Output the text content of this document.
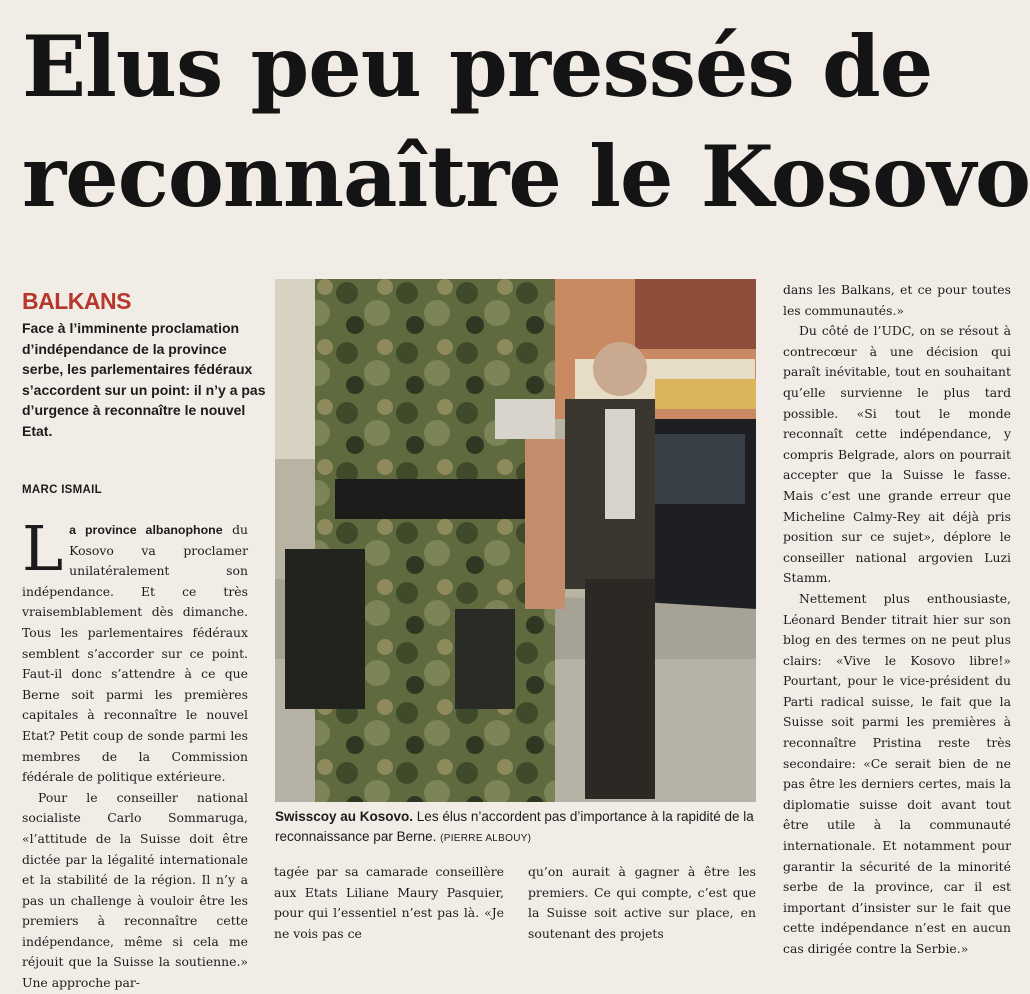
Elus peu pressés de
reconnaître le Kosovo
BALKANS
Face à l’imminente proclamation d’indépendance de la province serbe, les parlementaires fédéraux s’accordent sur un point: il n’y a pas d’urgence à reconnaître le nouvel Etat.
MARC ISMAIL

La province albanophone du Kosovo va proclamer unilatéralement son indépendance. Et ce très vraisemblablement dès dimanche. Tous les parlementaires fédéraux semblent s’accorder sur ce point. Faut-il donc s’attendre à ce que Berne soit parmi les premières capitales à reconnaître le nouvel Etat? Petit coup de sonde parmi les membres de la Commission fédérale de politique extérieure.

Pour le conseiller national socialiste Carlo Sommaruga, «l’attitude de la Suisse doit être dictée par la légalité internationale et la stabilité de la région. Il n’y a pas un challenge à vouloir être les premiers à reconnaître cette indépendance, même si cela me réjouit que la Suisse la soutienne.» Une approche par-

Swisscoy au Kosovo. Les élus n’accordent pas d’importance à la rapidité de la reconnaissance par Berne. (PIERRE ALBOUY)

tagée par sa camarade conseillère aux Etats Liliane Maury Pasquier, pour qui l’essentiel n’est pas là. «Je ne vois pas ce

qu’on aurait à gagner à être les premiers. Ce qui compte, c’est que la Suisse soit active sur place, en soutenant des projets

dans les Balkans, et ce pour toutes les communautés.»

Du côté de l’UDC, on se résout à contrecœur à une décision qui paraît inévitable, tout en souhaitant qu’elle survienne le plus tard possible. «Si tout le monde reconnaît cette indépendance, y compris Belgrade, alors on pourrait accepter que la Suisse le fasse. Mais c’est une grande erreur que Micheline Calmy-Rey ait déjà pris position sur ce sujet», déplore le conseiller national argovien Luzi Stamm.

Nettement plus enthousiaste, Léonard Bender titrait hier sur son blog en des termes on ne peut plus clairs: «Vive le Kosovo libre!» Pourtant, pour le vice-président du Parti radical suisse, le fait que la Suisse soit parmi les premières à reconnaître Pristina reste très secondaire: «Ce serait bien de ne pas être les derniers certes, mais la diplomatie suisse doit avant tout être utile à la communauté internationale. Et notamment pour garantir la sécurité de la minorité serbe de la province, car il est important d’insister sur le fait que cette indépendance n’est en aucun cas dirigée contre la Serbie.»
